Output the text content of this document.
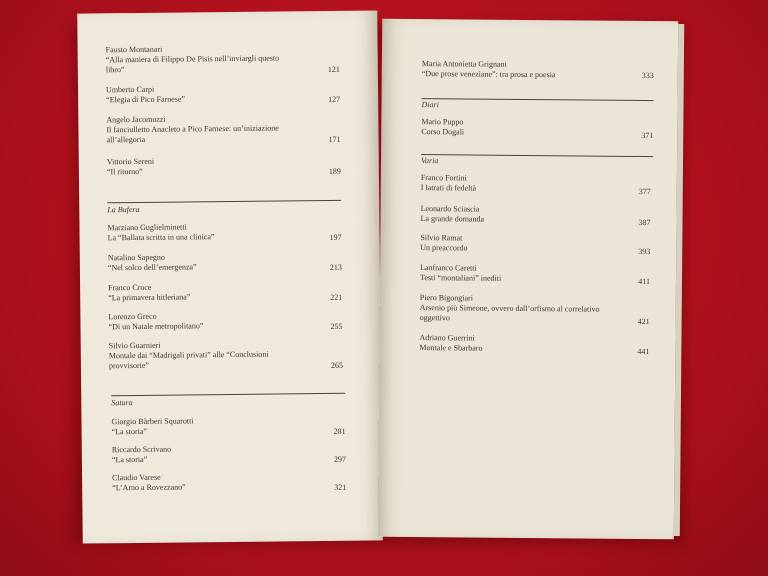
Fausto Montanari
“Alla maniera di Filippo De Pisis nell’inviargli questo
libro”	121
Umberto Carpi
“Elegia di Pico Farnese”	127
Angelo Jacomuzzi
Il fanciulletto Anacleto a Pico Farnese: un’iniziazione
all’allegoria	171
Vittorio Sereni
“Il ritorno”	189
La Bufera
Marziano Guglielminetti
La “Ballata scritta in una clinica”	197
Natalino Sapegno
“Nel solco dell’emergenza”	213
Franco Croce
“La primavera hitleriana”	221
Lorenzo Greco
“Di un Natale metropolitano”	255
Silvio Guarnieri
Montale dai “Madrigali privati” alle “Conclusioni
provvisorie”	265
Satura
Giorgio Bàrberi Squarotti
“La storia”	281
Riccardo Scrivano
“La storia”	297
Claudio Varese
“L’Arno a Rovezzano”	321
Maria Antonietta Grignani
“Due prose veneziane”: tra prosa e poesia	333
Diari
Mario Puppo
Corso Dogali	371
Varia
Franco Fortini
I latrati di fedeltà	377
Leonardo Sciascia
La grande domanda	387
Silvio Ramat
Un preaccordo	393
Lanfranco Caretti
Testi “montaliani” inediti	411
Piero Bigongiari
Arsenio più Simeone, ovvero dall’orfismo al correlativo
oggettivo	421
Adriano Guerrini
Montale e Sbarbaro	441
